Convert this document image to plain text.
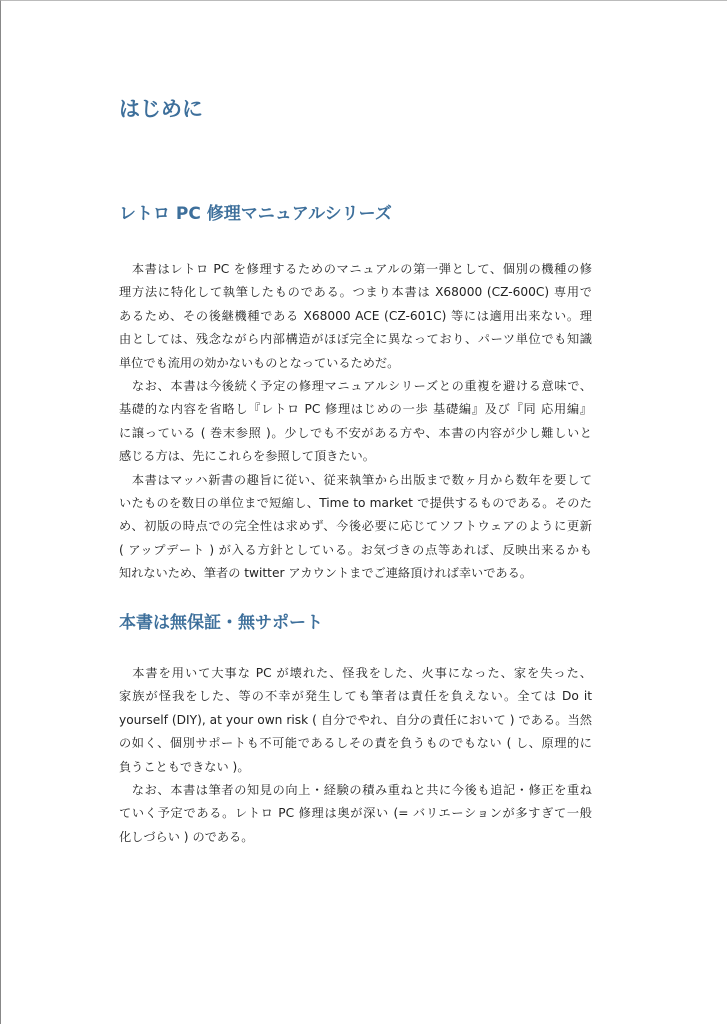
はじめに
レトロ PC 修理マニュアルシリーズ
　本書はレトロ PC を修理するためのマニュアルの第一弾として、個別の機種の修
理方法に特化して執筆したものである。つまり本書は X68000 (CZ-600C) 専用で
あるため、その後継機種である X68000 ACE (CZ-601C) 等には適用出来ない。理
由としては、残念ながら内部構造がほぼ完全に異なっており、パーツ単位でも知識
単位でも流用の効かないものとなっているためだ。
　なお、本書は今後続く予定の修理マニュアルシリーズとの重複を避ける意味で、
基礎的な内容を省略し『レトロ PC 修理はじめの一歩 基礎編』及び『同 応用編』
に譲っている ( 巻末参照 )。少しでも不安がある方や、本書の内容が少し難しいと
感じる方は、先にこれらを参照して頂きたい。
　本書はマッハ新書の趣旨に従い、従来執筆から出版まで数ヶ月から数年を要して
いたものを数日の単位まで短縮し、Time to market で提供するものである。そのた
め、初版の時点での完全性は求めず、今後必要に応じてソフトウェアのように更新
( アップデート ) が入る方針としている。お気づきの点等あれば、反映出来るかも
知れないため、筆者の twitter アカウントまでご連絡頂ければ幸いである。
本書は無保証・無サポート
　本書を用いて大事な PC が壊れた、怪我をした、火事になった、家を失った、
家族が怪我をした、等の不幸が発生しても筆者は責任を負えない。全ては Do it
yourself (DIY), at your own risk ( 自分でやれ、自分の責任において ) である。当然
の如く、個別サポートも不可能であるしその責を負うものでもない ( し、原理的に
負うこともできない )。
　なお、本書は筆者の知見の向上・経験の積み重ねと共に今後も追記・修正を重ね
ていく予定である。レトロ PC 修理は奥が深い (= バリエーションが多すぎて一般
化しづらい ) のである。
